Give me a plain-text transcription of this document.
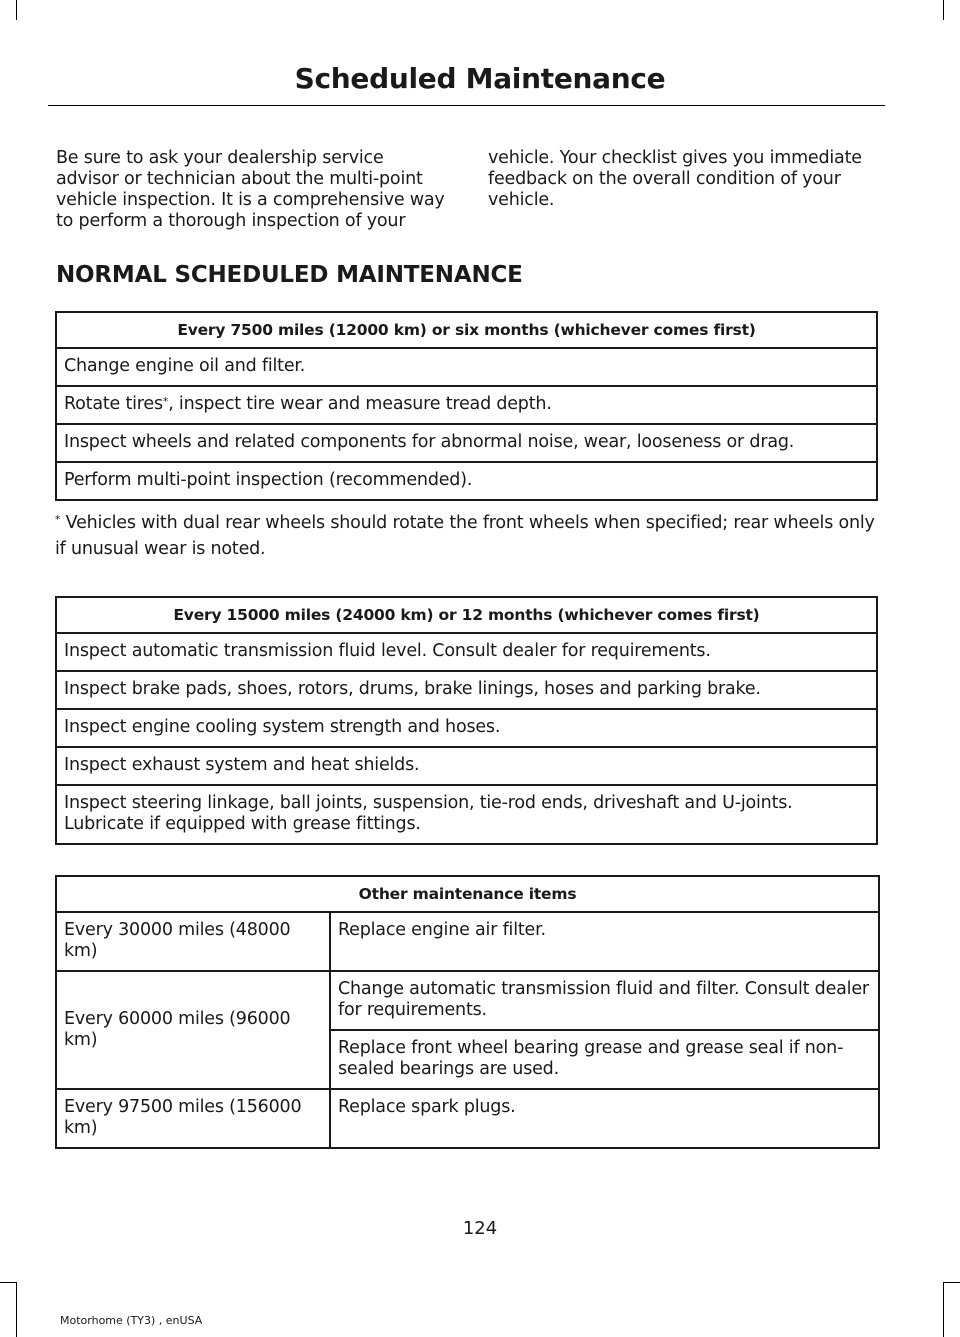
Scheduled Maintenance

Be sure to ask your dealership service advisor or technician about the multi-point vehicle inspection. It is a comprehensive way to perform a thorough inspection of your vehicle. Your checklist gives you immediate feedback on the overall condition of your vehicle.

NORMAL SCHEDULED MAINTENANCE
Every 7500 miles (12000 km) or six months (whichever comes first)
Change engine oil and filter.
Rotate tires*, inspect tire wear and measure tread depth.
Inspect wheels and related components for abnormal noise, wear, looseness or drag.
Perform multi-point inspection (recommended).
* Vehicles with dual rear wheels should rotate the front wheels when specified; rear wheels only if unusual wear is noted.
Every 15000 miles (24000 km) or 12 months (whichever comes first)
Inspect automatic transmission fluid level. Consult dealer for requirements.
Inspect brake pads, shoes, rotors, drums, brake linings, hoses and parking brake.
Inspect engine cooling system strength and hoses.
Inspect exhaust system and heat shields.
Inspect steering linkage, ball joints, suspension, tie-rod ends, driveshaft and U-joints. Lubricate if equipped with grease fittings.
Other maintenance items	
Every 30000 miles (48000 km)	Replace engine air filter.
Every 60000 miles (96000 km)	Change automatic transmission fluid and filter. Consult dealer for requirements.
	Replace front wheel bearing grease and grease seal if non-sealed bearings are used.
Every 97500 miles (156000 km)	Replace spark plugs.
124
Motorhome (TY3) , enUSA
